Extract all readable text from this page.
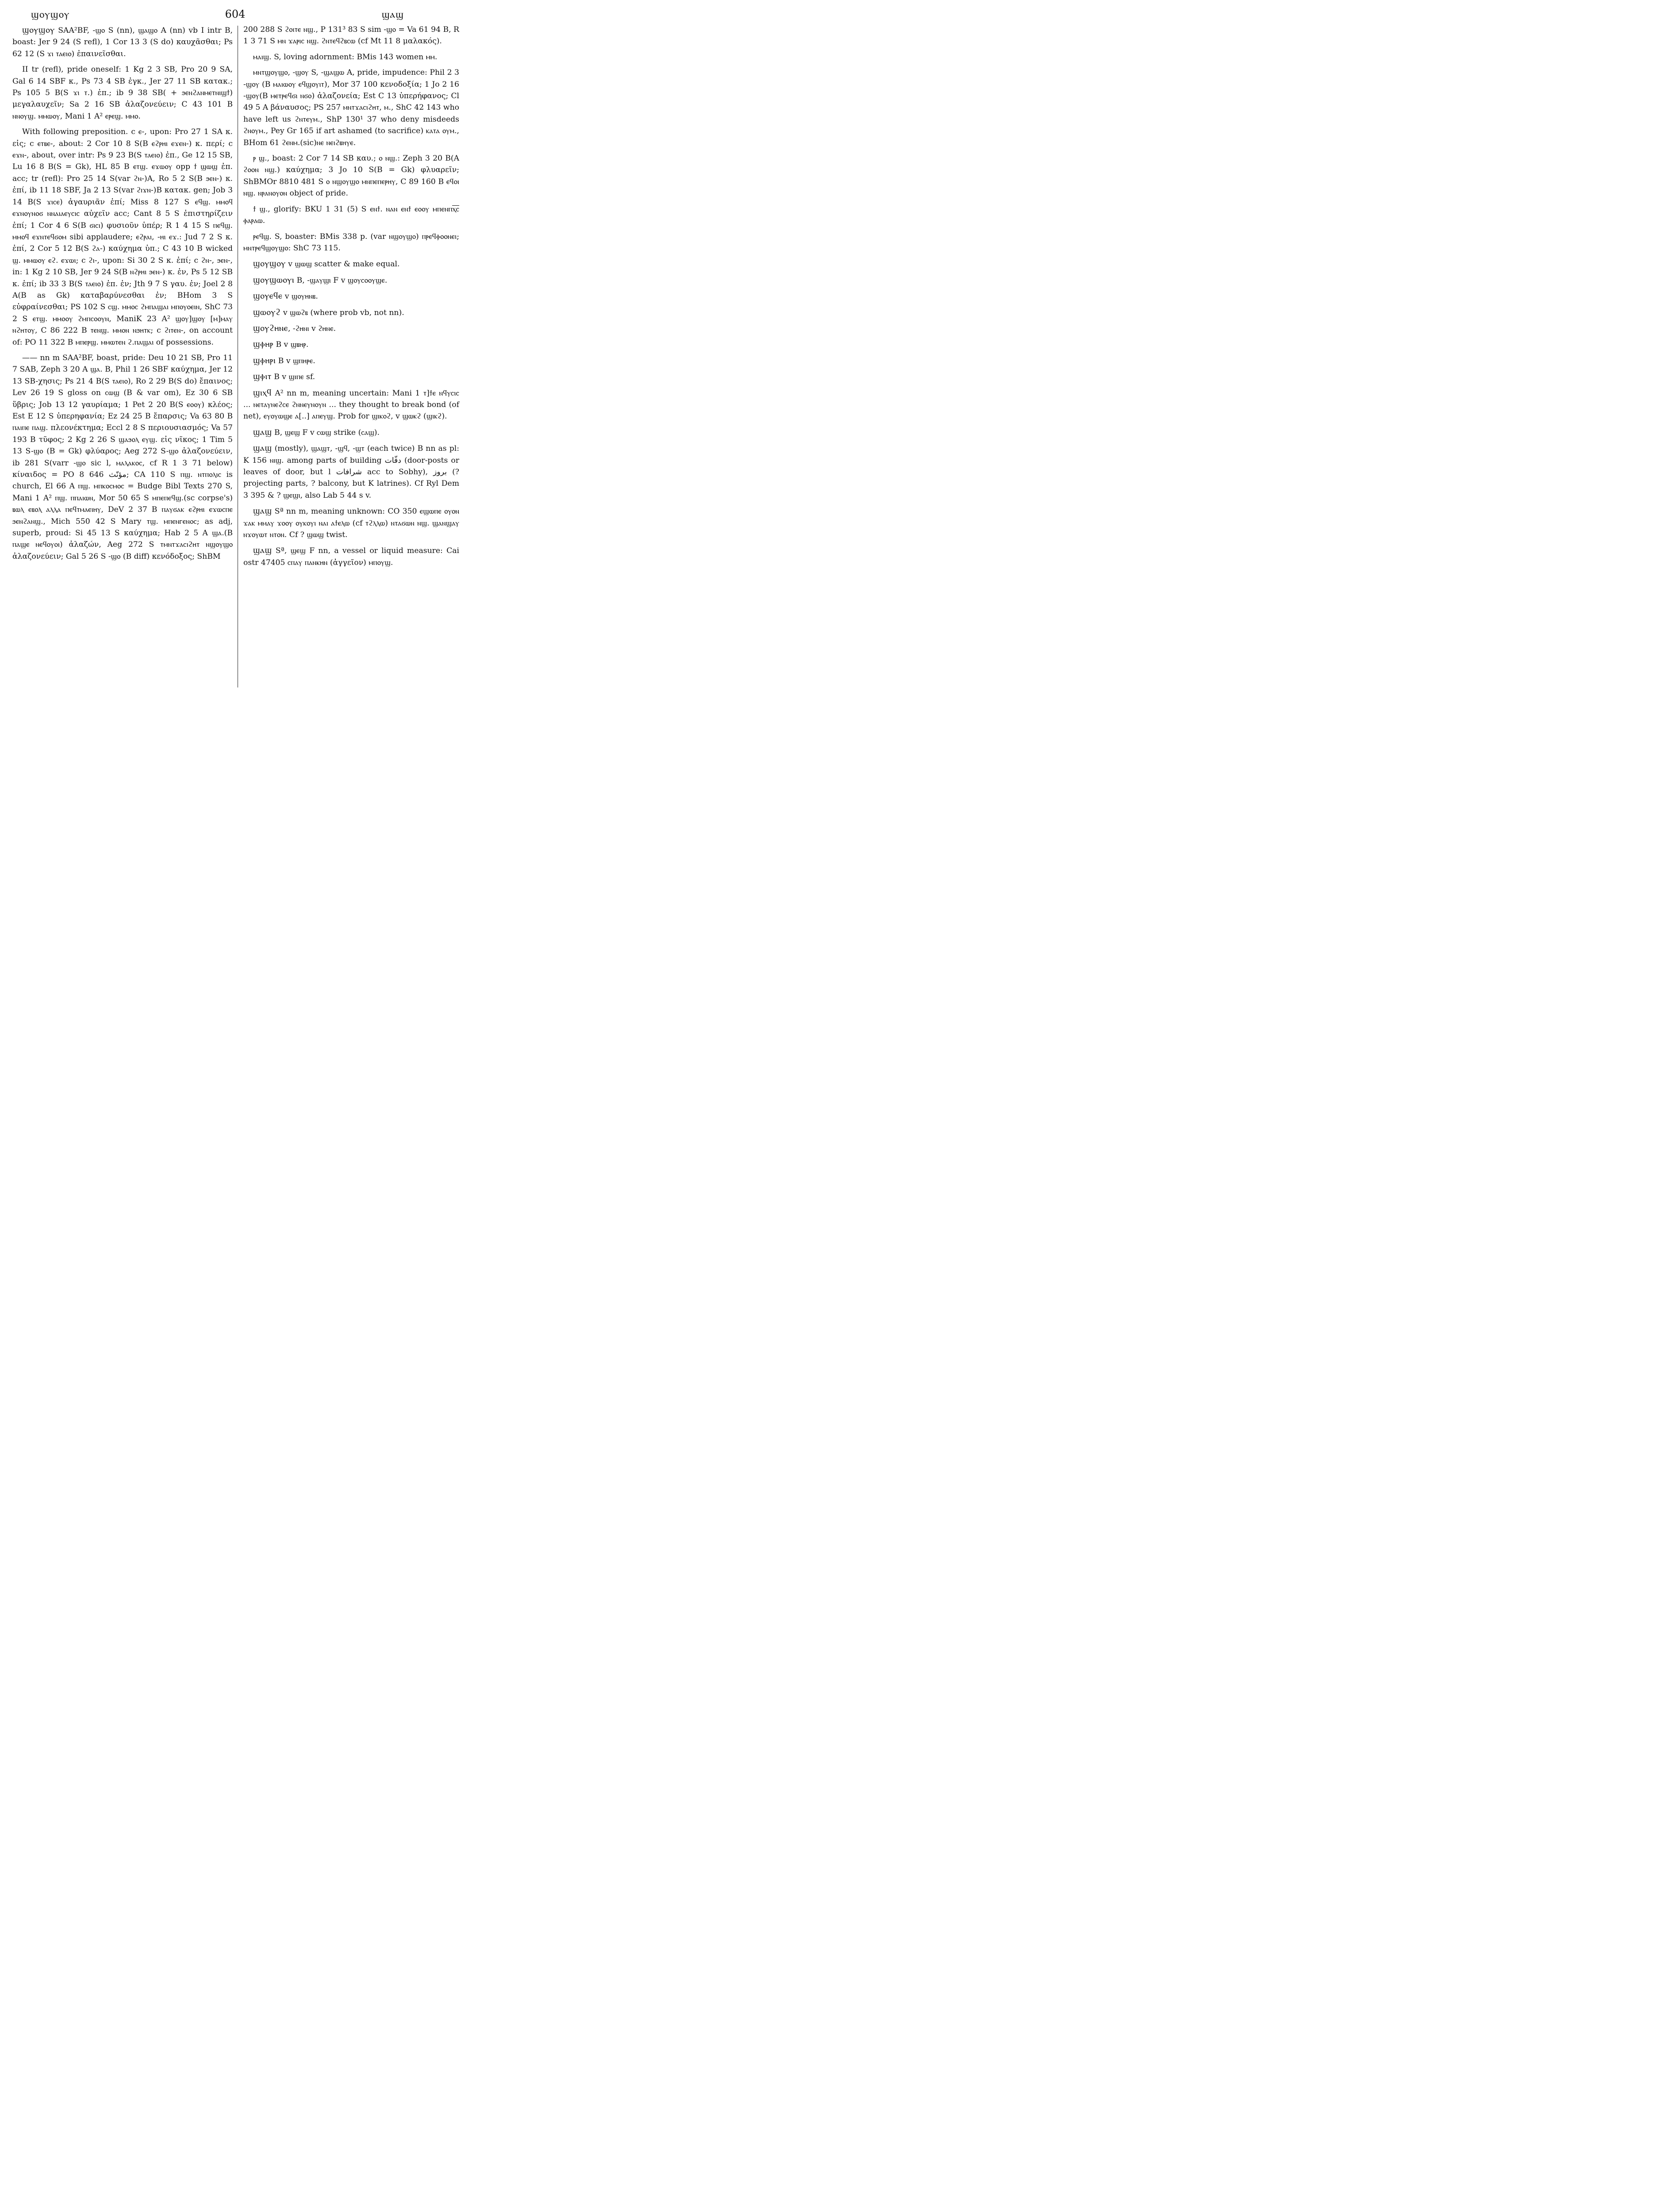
ϣⲟⲩϣⲟⲩ	604	ϣⲁϣ

ϣⲟⲩϣⲟⲩ SAA²BF, -ϣⲟ S (nn), ϣⲁϣⲟ A (nn) vb I intr B, boast: Jer 9 24 (S refl), 1 Cor 13 3 (S do) καυχᾶσθαι; Ps 62 12 (S ϫⲓ ⲧⲁⲉⲓⲟ) ἐπαινεῖσθαι.

II tr (refl), pride oneself: 1 Kg 2 3 SB, Pro 20 9 SA, Gal 6 14 SBF κ., Ps 73 4 SB ἐγκ., Jer 27 11 SB κατακ.; Ps 105 5 B(S ϫⲓ ⲧ.) ἐπ.; ib 9 38 SB( + ϧⲉⲛϩⲁⲛⲙⲉⲧⲛⲓϣϯ) μεγαλαυχεῖν; Sa 2 16 SB ἀλαζονεύειν; C 43 101 B ⲛⲛⲟⲩϣ. ⲙⲙⲱⲟⲩ, Mani 1 A² ⲉⲣⲉϣ. ⲙⲙⲟ.

With following preposition. c ⲉ-, upon: Pro 27 1 SA κ. εἰς; c ⲉⲧⲃⲉ-, about: 2 Cor 10 8 S(B ⲉϩⲣⲏⲓ ⲉϫⲉⲛ-) κ. περί; c ⲉϫⲛ-, about, over intr: Ps 9 23 B(S ⲧⲁⲉⲓⲟ) ἐπ., Ge 12 15 SB, Lu 16 8 B(S = Gk), HL 85 B ⲉⲧϣ. ⲉϫⲱⲟⲩ opp ϯ ϣⲱϣ ἐπ. acc; tr (refl): Pro 25 14 S(var ϩⲛ-)A, Ro 5 2 S(B ϧⲉⲛ-) κ. ἐπί, ib 11 18 SBF, Ja 2 13 S(var ϩⲓϫⲛ-)B κατακ. gen; Job 3 14 B(S ϫⲓⲥⲉ) ἀγαυριᾶν ἐπί; Miss 8 127 S ⲉϥϣ. ⲙⲙⲟϥ ⲉϫⲛⲟⲩⲛⲟϭ ⲛⲛⲁⲓⲁⲉⲩⲥⲓⲥ αὐχεῖν acc; Cant 8 5 S ἐπιστηρίζειν ἐπί; 1 Cor 4 6 S(B ϭⲓⲥⲓ) φυσιοῦν ὑπέρ; R 1 4 15 S ⲡⲉϥϣ. ⲙⲙⲟϥ ⲉϫⲛⲧⲉϥϭⲟⲙ sibi applaudere; ⲉϩⲣⲁⲓ, -ⲏⲓ ⲉϫ.: Jud 7 2 S κ. ἐπί, 2 Cor 5 12 B(S ϩⲁ-) καύχημα ὑπ.; C 43 10 B wicked ϣ. ⲙⲙⲱⲟⲩ ⲉϩ. ⲉϫⲱⲓ; c ϩⲓ-, upon: Si 30 2 S κ. ἐπί; c ϩⲛ-, ϧⲉⲛ-, in: 1 Kg 2 10 SB, Jer 9 24 S(B ⲛϩⲣⲏⲓ ϧⲉⲛ-) κ. ἐν, Ps 5 12 SB κ. ἐπί; ib 33 3 B(S ⲧⲁⲉⲓⲟ) ἐπ. ἐν; Jth 9 7 S γαυ. ἐν; Joel 2 8 A(B as Gk) καταβαρύνεσθαι ἐν; BHom 3 S εὐφραίνεσθαι; PS 102 S ⲥϣ. ⲙⲙⲟⲥ ϩⲙⲡⲁϣⲁⲓ ⲙⲡⲟⲩⲟⲉⲓⲛ, ShC 73 2 S ⲉⲧϣ. ⲙⲙⲟⲟⲩ ϩⲙⲡⲥⲟⲟⲩⲛ, ManiK 23 A² ϣⲟⲩ]ϣⲟⲩ [ⲙ]ⲙⲁⲩ ⲛϩⲏⲧⲟⲩ, C 86 222 B ⲧⲉⲛϣ. ⲙⲙⲟⲛ ⲛϧⲏⲧⲕ; c ϩⲓⲧⲉⲛ-, on account of: PO 11 322 B ⲙⲡⲉⲣϣ. ⲙⲙⲱⲧⲉⲛ ϩ.ⲡⲁϣⲁⲓ of possessions.

—— nn m SAA²BF, boast, pride: Deu 10 21 SB, Pro 11 7 SAB, Zeph 3 20 A ϣⲁ. B, Phil 1 26 SBF καύχημα, Jer 12 13 SB-χησις; Ps 21 4 B(S ⲧⲁⲉⲓⲟ), Ro 2 29 B(S do) ἔπαινος; Lev 26 19 S gloss on ⲥⲱϣ (B & var om), Ez 30 6 SB ὕβρις; Job 13 12 γαυρίαμα; 1 Pet 2 20 B(S ⲉⲟⲟⲩ) κλέος; Est E 12 S ὑπερηφανία; Ez 24 25 B ἔπαρσις; Va 63 80 B ⲡⲁⲓⲡⲉ ⲡⲁϣ. πλεονέκτημα; Eccl 2 8 S περιουσιασμός; Va 57 193 B τῦφος; 2 Kg 2 26 S ϣⲁϧⲟⲗ ⲉⲩϣ. εἰς νῖκος; 1 Tim 5 13 S-ϣⲟ (B = Gk) φλύαρος; Aeg 272 S-ϣⲟ ἀλαζονεύειν, ib 281 S(varr -ϣⲟ sic l, ⲙⲁⲗⲁⲕⲟⲥ, cf R 1 3 71 below) κίναιδος = PO 8 646 مؤنّث; CA 110 S ⲡϣ. ⲛⲧⲡⲟⲗⲓⲥ is church, El 66 A ⲡϣ. ⲙⲡⲕⲟⲥⲙⲟⲥ = Budge Bibl Texts 270 S, Mani 1 A² ⲡϣ. ⲡⲡⲁⲓⲱⲛ, Mor 50 65 S ⲙⲡⲉⲡⲉϥϣ.(sc corpse's) ⲃⲱⲗ ⲉⲃⲟⲗ ⲁⲗⲗⲁ ⲡⲉϥⲧⲙⲁⲉⲓⲏⲩ, DeV 2 37 B ⲡⲁⲩϭⲁⲕ ⲉϩⲣⲏⲓ ⲉϫⲱⲥⲡⲉ ϧⲉⲛϩⲁⲛϣ., Mich 550 42 S Mary ⲧϣ. ⲙⲡⲉⲛⲅⲉⲛⲟⲥ; as adj, superb, proud: Si 45 13 S καύχημα; Hab 2 5 A ϣⲁ.(B ⲡⲁϣⲉ ⲛⲉϥⲟⲩⲟⲓ) ἀλαζών, Aeg 272 S ⲧⲙⲛⲧϫⲁⲥⲓϩⲏⲧ ⲛϣⲟⲩϣⲟ ἀλαζονεύειν; Gal 5 26 S -ϣⲟ (B diff) κενόδοξος; ShBM

200 288 S ϩⲟⲓⲧⲉ ⲛϣ., P 131³ 83 S sim -ϣⲟ = Va 61 94 B, R 1 3 71 S ⲙⲛ ϫⲁⲣⲓⲥ ⲛϣ. ϩⲛⲧⲉϥϩⲃⲥⲱ (cf Mt 11 8 μαλακός).

ⲙⲁⲓϣ. S, loving adornment: BMis 143 women ⲙⲙ.

ⲙⲛⲧϣⲟⲩϣⲟ, -ϣⲟⲩ S, -ϣⲁϣⲱ A, pride, impudence: Phil 2 3 -ϣⲟⲩ (B ⲙⲁⲓⲱⲟⲩ ⲉϥϣⲟⲩⲓⲧ), Mor 37 100 κενοδοξία; 1 Jo 2 16 -ϣⲟⲩ(B ⲙⲉⲧⲣⲉϥϭⲓ ⲛϭⲟ) ἀλαζονεία; Est C 13 ὑπερήφανος; Cl 49 5 A βάναυσος; PS 257 ⲙⲛⲧϫⲁⲥⲓϩⲏⲧ, ⲙ., ShC 42 143 who have left us ϩⲛⲧⲉⲩⲙ., ShP 130¹ 37 who deny misdeeds ϩⲛⲟⲩⲙ., Pey Gr 165 if art ashamed (to sacrifice) ⲕⲁⲧⲁ ⲟⲩⲙ., BHom 61 ϩⲉⲛⲙ.(sic)ⲛⲉ ⲛⲉⲓϩⲃⲏⲩⲉ.

ⲣ ϣ., boast: 2 Cor 7 14 SB καυ.; ⲟ ⲛϣ.: Zeph 3 20 B(A ϩⲟⲟⲛ ⲛϣ.) καύχημα; 3 Jo 10 S(B = Gk) φλυαρεῖν; ShBMOr 8810 481 S ⲟ ⲛϣⲟⲩϣⲟ ⲙⲛⲡⲉⲡⲉⲣⲏⲩ, C 89 160 B ⲉϥⲟⲓ ⲛϣ. ⲛⲣⲁⲛⲟⲩⲟⲛ object of pride.

ϯ ϣ., glorify: BKU 1 31 (5) S ⲉⲛϯ. ⲛⲁⲛ ⲉⲛϯ ⲉⲟⲟⲩ ⲙⲡⲉⲛⲡⲭ̅ⲥ̅ ⲫⲁⲣⲁⲱ.

ⲣⲉϥϣ. S, boaster: BMis 338 p. (var ⲛϣⲟⲩϣⲟ) ⲡⲣⲉϥⲫⲟⲟⲛⲉⲓ; ⲙⲛⲧⲣⲉϥϣⲟⲩϣⲟ: ShC 73 115.

ϣⲟⲩϣⲟⲩ v ϣⲱϣ scatter & make equal.

ϣⲟⲩϣⲱⲟⲩⲓ B, -ϣⲁⲩϣⲓ F v ϣⲟⲩⲥⲟⲟⲩϣⲉ.

ϣⲟⲩⲉϥⲉ v ϣⲟⲩⲏⲛⲃ.

ϣⲱⲟⲩϩ v ϣⲱϩⲃ (where prob vb, not nn).

ϣⲟⲩϩⲏⲛⲉ, -ϩⲏⲛⲓ v ϩⲏⲛⲉ.

ϣⲫⲏⲣ B v ϣⲃⲏⲣ.

ϣⲫⲏⲣⲓ B v ϣⲡⲏⲣⲉ.

ϣⲫⲓⲧ B v ϣⲓⲡⲉ sf.

ϣⲓⲭϥ A² nn m, meaning uncertain: Mani 1 ⲧ]ϯⲉ ⲛϥⲩⲥⲓⲥ ... ⲛⲉⲧⲁⲩⲛⲉϩⲥⲉ ϩⲛⲛⲉⲩⲛⲟⲩⲛ ... they thought to break bond (of net), ⲉⲩⲟⲩⲱϣⲉ ⲁ[..] ⲁⲡⲉⲩϣ. Prob for ϣⲓⲕⲟϩ, v ϣⲱⲕϩ (ϣⲓⲕϩ).

ϣⲁϣ B, ϣⲉϣ F v ⲥⲱϣ strike (ⲥⲁϣ).

ϣⲁϣ (mostly), ϣⲁϣⲧ, -ϣϥ, -ϣⲧ (each twice) B nn as pl: K 156 ⲛⲓϣ. among parts of building دفّات (door-posts or leaves of door, but l شرافات acc to Sobhy), بروز (? projecting parts, ? balcony, but K latrines). Cf Ryl Dem 3 395 & ? ϣⲉϣⲓ, also Lab 5 44 s v.

ϣⲁϣ Sª nn m, meaning unknown: CO 350 ⲉϣⲱⲡⲉ ⲟⲩⲟⲛ ϫⲁⲕ ⲙⲙⲁⲩ ϫⲟⲟⲩ ⲟⲩⲕⲟⲩⲓ ⲛⲁⲓ ⲁϯⲉⲗⲱ (cf ⲧϩⲗⲗⲱ) ⲛⲧⲁϭⲱⲛ ⲛϣ. ϣⲁⲛϣⲁⲩ ⲛϫⲟⲩⲱⲧ ⲛⲧⲟⲛ. Cf ? ϣⲱϣ twist.

ϣⲁϣ Sª, ϣⲉϣ F nn, a vessel or liquid measure: Cai ostr 47405 ⲥⲡⲁⲩ ⲡⲁⲛⲕⲏⲛ (ἀγγεῖον) ⲙⲡⲟⲩϣ.
